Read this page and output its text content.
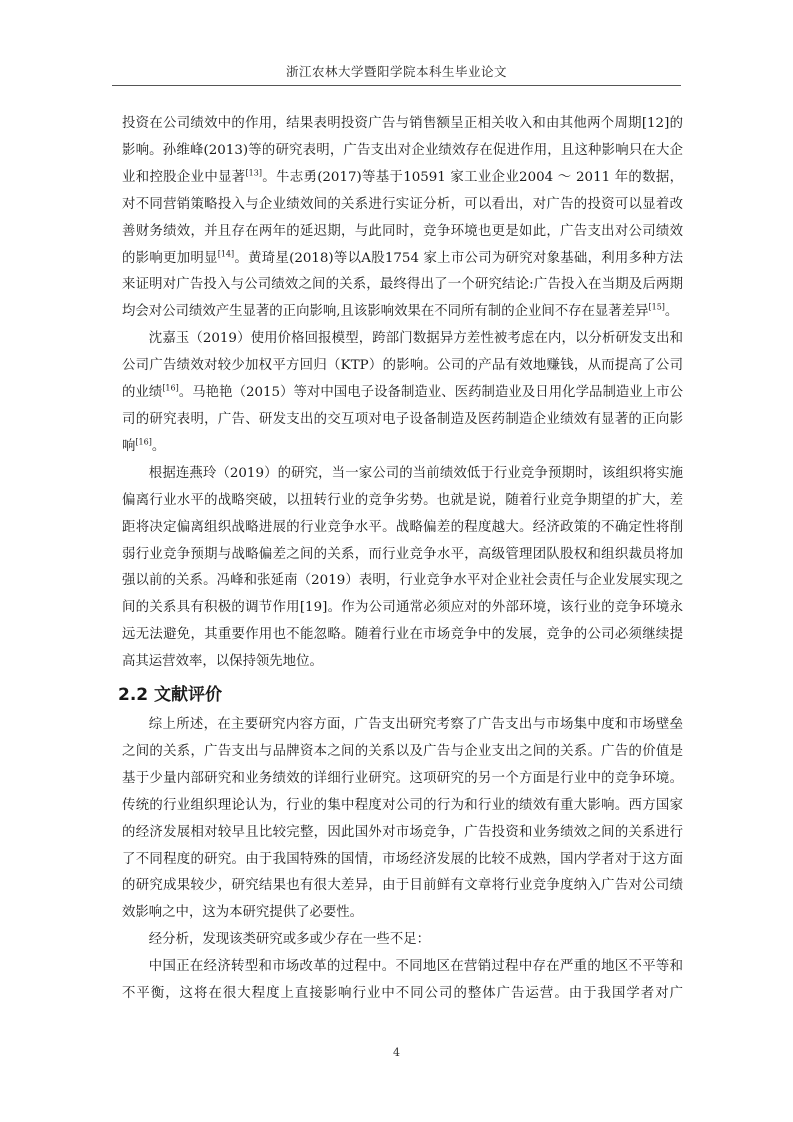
浙江农林大学暨阳学院本科生毕业论文

投资在公司绩效中的作用，结果表明投资广告与销售额呈正相关收入和由其他两个周期[12]的影响。孙维峰(2013)等的研究表明，广告支出对企业绩效存在促进作用，且这种影响只在大企业和控股企业中显著[13]。牛志勇(2017)等基于10591 家工业企业2004 ～ 2011 年的数据，对不同营销策略投入与企业绩效间的关系进行实证分析，可以看出，对广告的投资可以显着改善财务绩效，并且存在两年的延迟期，与此同时，竞争环境也更是如此，广告支出对公司绩效的影响更加明显[14]。黄琦星(2018)等以A股1754 家上市公司为研究对象基础，利用多种方法来证明对广告投入与公司绩效之间的关系，最终得出了一个研究结论:广告投入在当期及后两期均会对公司绩效产生显著的正向影响,且该影响效果在不同所有制的企业间不存在显著差异[15]。

沈嘉玉（2019）使用价格回报模型，跨部门数据异方差性被考虑在内，以分析研发支出和公司广告绩效对较少加权平方回归（KTP）的影响。公司的产品有效地赚钱，从而提高了公司的业绩[16]。马艳艳（2015）等对中国电子设备制造业、医药制造业及日用化学品制造业上市公司的研究表明，广告、研发支出的交互项对电子设备制造及医药制造企业绩效有显著的正向影响[16]。

根据连燕玲（2019）的研究，当一家公司的当前绩效低于行业竞争预期时，该组织将实施偏离行业水平的战略突破，以扭转行业的竞争劣势。也就是说，随着行业竞争期望的扩大，差距将决定偏离组织战略进展的行业竞争水平。战略偏差的程度越大。经济政策的不确定性将削弱行业竞争预期与战略偏差之间的关系，而行业竞争水平，高级管理团队股权和组织裁员将加强以前的关系。冯峰和张延南（2019）表明，行业竞争水平对企业社会责任与企业发展实现之间的关系具有积极的调节作用[19]。作为公司通常必须应对的外部环境，该行业的竞争环境永远无法避免，其重要作用也不能忽略。随着行业在市场竞争中的发展，竞争的公司必须继续提高其运营效率，以保持领先地位。

2.2 文献评价

综上所述，在主要研究内容方面，广告支出研究考察了广告支出与市场集中度和市场壁垒之间的关系，广告支出与品牌资本之间的关系以及广告与企业支出之间的关系。广告的价值是基于少量内部研究和业务绩效的详细行业研究。这项研究的另一个方面是行业中的竞争环境。传统的行业组织理论认为，行业的集中程度对公司的行为和行业的绩效有重大影响。西方国家的经济发展相对较早且比较完整，因此国外对市场竞争，广告投资和业务绩效之间的关系进行了不同程度的研究。由于我国特殊的国情，市场经济发展的比较不成熟，国内学者对于这方面的研究成果较少，研究结果也有很大差异，由于目前鲜有文章将行业竞争度纳入广告对公司绩效影响之中，这为本研究提供了必要性。

经分析，发现该类研究或多或少存在一些不足：

中国正在经济转型和市场改革的过程中。不同地区在营销过程中存在严重的地区不平等和不平衡，这将在很大程度上直接影响行业中不同公司的整体广告运营。由于我国学者对广

4
